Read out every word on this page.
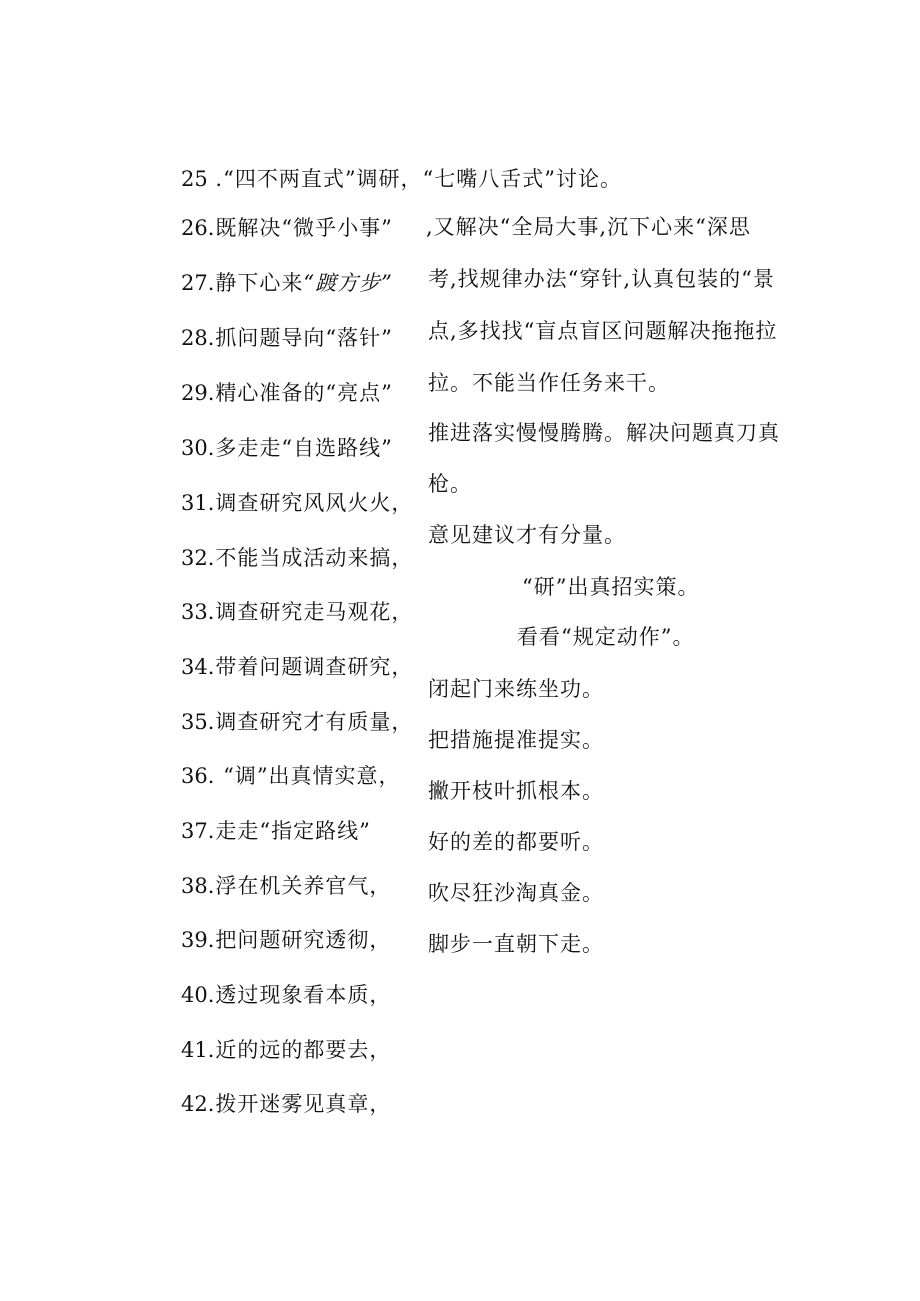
25 .“四不两直式”调研，“七嘴八舌式”讨论。
26.既解决“微乎小事”
27.静下心来“踱方步”
28.抓问题导向“落针”
29.精心准备的“亮点”
30.多走走“自选路线”
31.调查研究风风火火，
32.不能当成活动来搞，
33.调查研究走马观花，
34.带着问题调查研究，
35.调查研究才有质量，
36. “调”出真情实意，
37.走走“指定路线”
38.浮在机关养官气，
39.把问题研究透彻，
40.透过现象看本质，
41.近的远的都要去，
42.拨开迷雾见真章，
,又解决“全局大事,沉下心来“深思
考,找规律办法“穿针,认真包装的“景
点,多找找“盲点盲区问题解决拖拖拉
拉。不能当作任务来干。
推进落实慢慢腾腾。解决问题真刀真
枪。
意见建议才有分量。
“研”出真招实策。
看看“规定动作”。
闭起门来练坐功。
把措施提准提实。
撇开枝叶抓根本。
好的差的都要听。
吹尽狂沙淘真金。
脚步一直朝下走。
